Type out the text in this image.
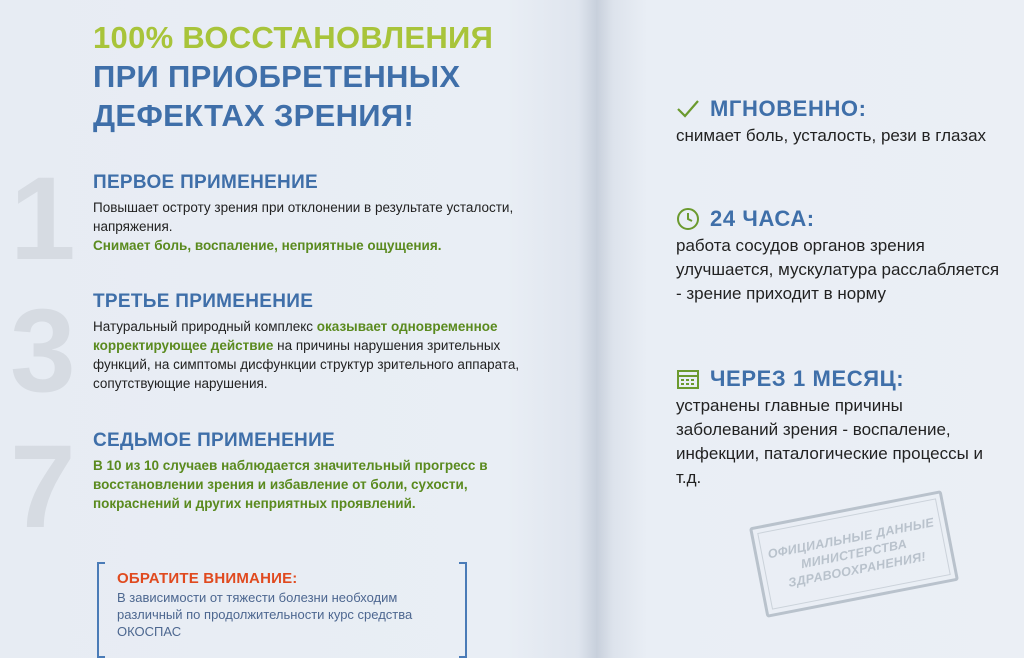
100% ВОССТАНОВЛЕНИЯ
ПРИ ПРИОБРЕТЕННЫХ
ДЕФЕКТАХ ЗРЕНИЯ!
1 ПЕРВОЕ ПРИМЕНЕНИЕ
Повышает остроту зрения при отклонении в результате усталости, напряжения.
Снимает боль, воспаление, неприятные ощущения.
3 ТРЕТЬЕ ПРИМЕНЕНИЕ
Натуральный природный комплекс оказывает одновременное корректирующее действие на причины нарушения зрительных функций, на симптомы дисфункции структур зрительного аппарата, сопутствующие нарушения.
7 СЕДЬМОЕ ПРИМЕНЕНИЕ
В 10 из 10 случаев наблюдается значительный прогресс в восстановлении зрения и избавление от боли, сухости, покраснений и других неприятных проявлений.
ОБРАТИТЕ ВНИМАНИЕ:
В зависимости от тяжести болезни необходим различный по продолжительности курс средства ОКОСПАС
МГНОВЕННО:
снимает боль, усталость, рези в глазах
24 ЧАСА:
работа сосудов органов зрения улучшается, мускулатура расслабляется - зрение приходит в норму
ЧЕРЕЗ 1 МЕСЯЦ:
устранены главные причины заболеваний зрения - воспаление, инфекции, паталогические процессы и т.д.
ОФИЦИАЛЬНЫЕ ДАННЫЕ МИНИСТЕРСТВА ЗДРАВООХРАНЕНИЯ!
